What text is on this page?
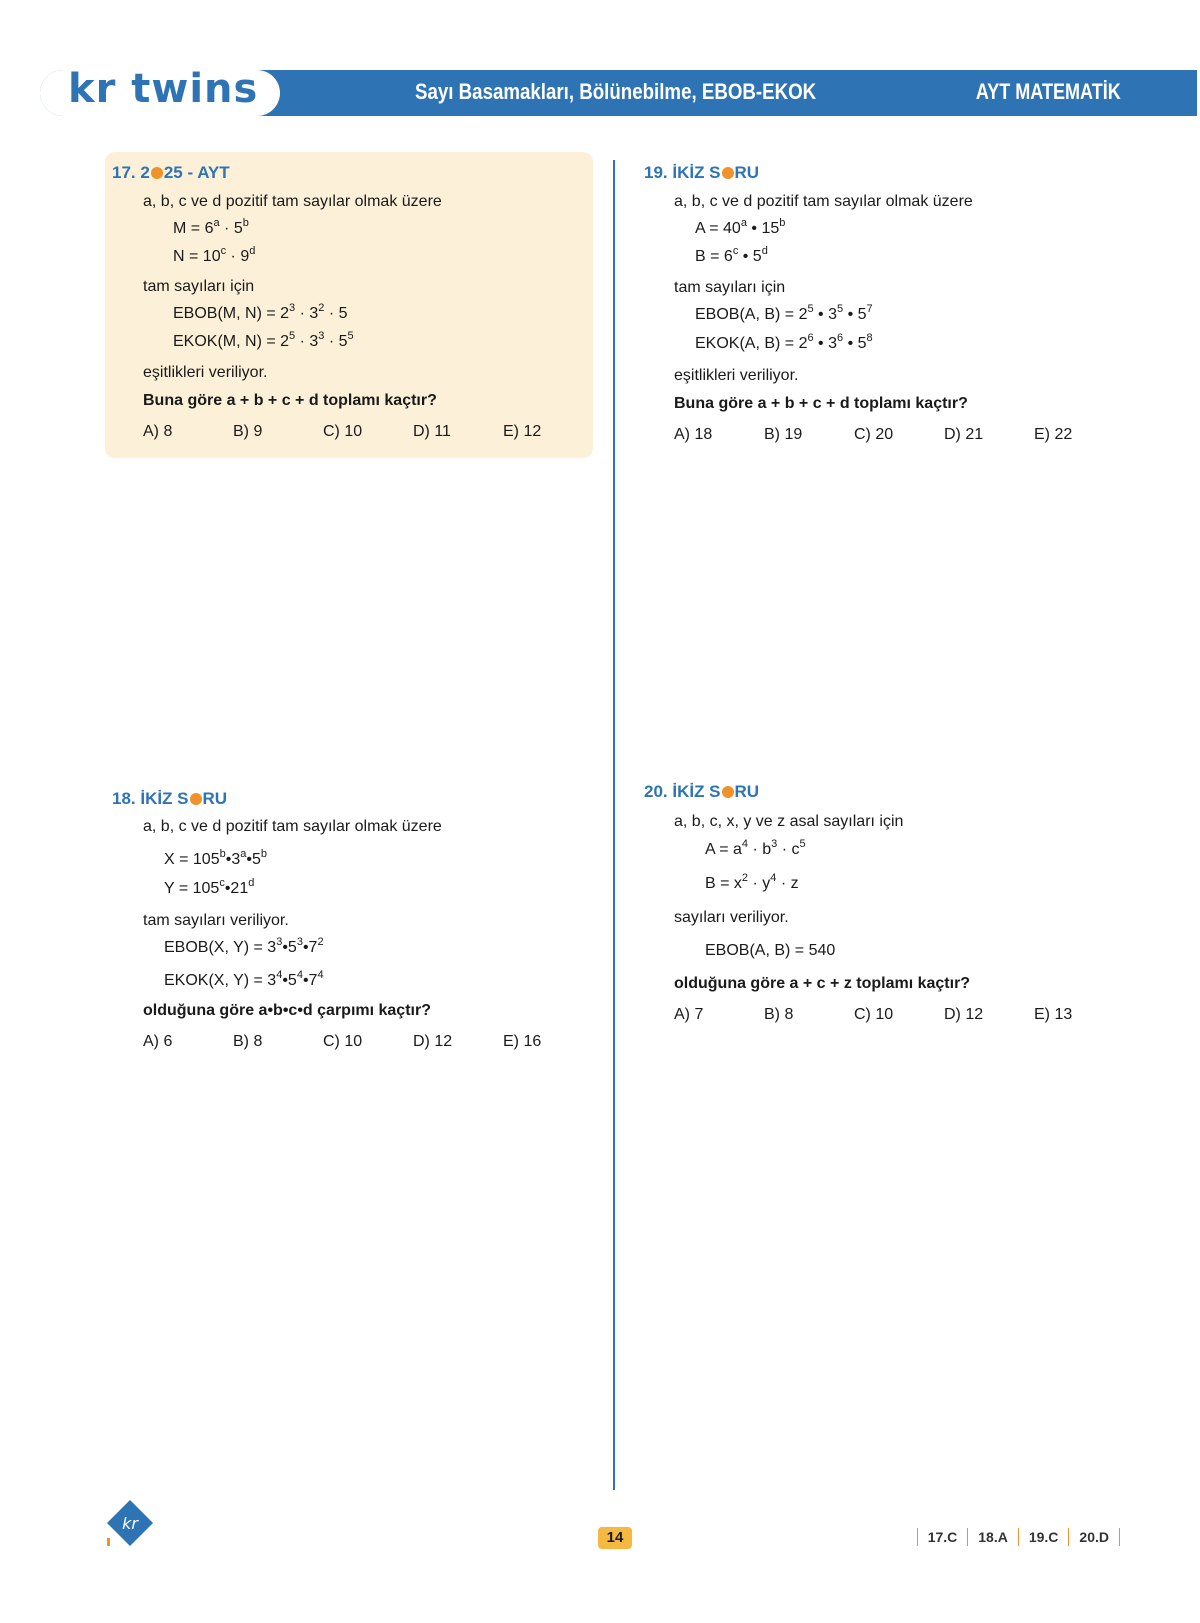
kr twins	Sayı Basamakları, Bölünebilme, EBOB-EKOK	AYT MATEMATİK
17. 2 25 - AYT
a, b, c ve d pozitif tam sayılar olmak üzere
$M = 6^a \cdot 5^b$
$N = 10^c \cdot 9^d$
tam sayıları için
EBOB(M, $N) = 2^3 \cdot 3^2 \cdot 5$
EKOK(M, $N) = 2^5 \cdot 3^3 \cdot 5^5$
eşitlikleri veriliyor.
Buna göre a + b + c + d toplamı kaçtır?
A) 8	B) 9	C) 10	D) 11	E) 12
19. İKİZ S RU
a, b, c ve d pozitif tam sayılar olmak üzere
$A = 40^a$ • 15$^b$
$B = 6^c$ • 5$^d$
tam sayıları için
EBOB(A, $B) = 2^5$ • $3^5$ • $5^7$
EKOK(A, $B) = 2^6$ • $3^6$ • $5^8$
eşitlikleri veriliyor.
Buna göre a + b + c + d toplamı kaçtır?
A) 18	B) 19	C) 20	D) 21	E) 22
18. İKİZ S RU
a, b, c ve d pozitif tam sayılar olmak üzere
$X = 105^b•3^a•5^b$
$Y = 105^c•21^d$
tam sayıları veriliyor.
EBOB(X, $Y) = 3^3•5^3•7^2$
EKOK(X, $Y) = 3^4•5^4•7^4$
olduğuna göre a•b•c•d çarpımı kaçtır?
A) 6	B) 8	C) 10	D) 12	E) 16
20. İKİZ S RU
a, b, c, x, y ve z asal sayıları için
$A = a^4 \cdot b^3 \cdot c^5$
$B = x^2 \cdot y^4 \cdot z$
sayıları veriliyor.
EBOB(A, B) = 540
olduğuna göre a + c + z toplamı kaçtır?
A) 7	B) 8	C) 10	D) 12	E) 13
kr
14	17.C 18.A 19.C 20.D
